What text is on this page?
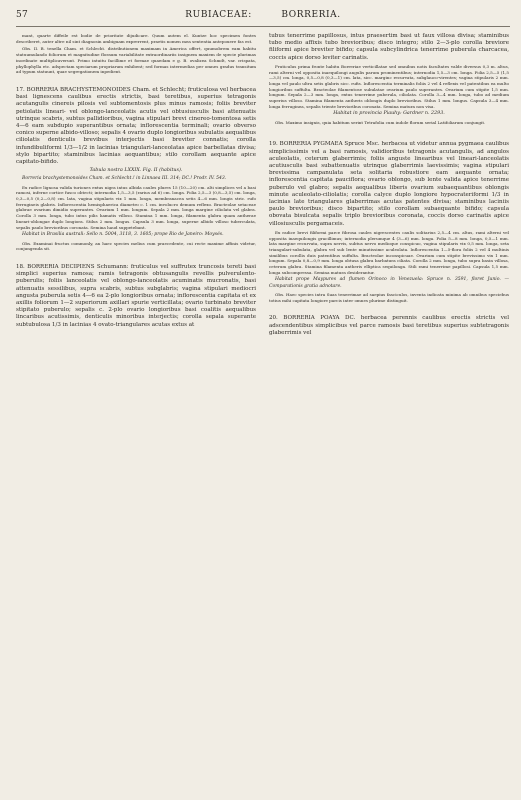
57	RUBIACEAE:	BORRERIA.

mant, quarte diffeile est bodie de prioritate dijudicare. Quum autem el. Kuntze hoc specimen fontes describeret, auter altre nil sint diagnosin ambiguam exprerrent, praetis nomen mea sententia antepouere fas est.

Obs. II. B. tenella Cham. et Schlecht. distributionem maximam in America offert, quumobrem eam habitu statuumulando foliorum et magnitudine floraum variabilitate extraordinariis insignem maxiem de specie plurimas inordinate multiplicaverunt. Primo intuitu facillime et formae quaedam e g. B. ovalizea Schmdt, var. crispata, phyllophylla etc. adspectam speciarum propriarum exhibent; sed formas intermedias per omnes gradus transitum ad typum statuunt, quae segregationem inpedient.

17. BORRERIA BRACHYSTEMONOIDES Cham. et Schlecht; fruticulosa vel herbacea basi lignescens caulibus erectis strictis, basi teretibus, superius tetragonis acutangulis cinereis pilosis vel subtomentosis plus minus ramosis; foliis breviter petiolatis lineari- vel oblongo-lanceolatis acutis vel obtusiusculis basi attenuatis utrinque scabris, subtus pallidioribus, vagina stipulari brevi cinereo-tomentosa setis 4—6 eam subdupio superantibus ornata; inflorescentia terminali; ovario obverso conico superne albido-villoso; sepalis 4 ovario duplo longioribus subulatis aequalibus ciliolatis denticulis brevibus interjectis basi breviter connatis; corolla infundibuliformi 1/3—1/2 in lacinias triangulari-lanceolatas apice barbellatas divisa; stylo bipartito; staminibus lacinias aequantibus; stilo corollam aequante apice capitato-bifido.

Tabula nostra LXXIX. Fig. II (habitus).

Borreria brachystemonoides Cham. et Schlecht.! in Linnaea III. 314; DC.! Prodr. IV. 543.

Ex radice lignosa valida turiones extus nigra intus albida caules plures 15 (10—20) cm. alti simplices vel a basi ramosi, inferne cortice fusco obtecti; internodia 1,5—3,5 (rarius ad 6) cm. longa. Folia 2,5—3 (0,8—3,5) cm. longa, 0,3—0,5 (0,2—0,8) cm. lata, vagina stipularis vix 1 mm. longa, membranacea setis 4—6 mm. longis stric. rufo ferrugineis glabris. Inflorescentia hemisphaerica diametro c. 1 cm. involucro demum reflexo. Bracteolae setaceae glabrae ovarium dimidio superantes. Ovarium 1 mm. longum. Sepala 2 mm. longa margine ciliolata vel glabra. Corolla 3 mm. longa, tubo intus pilis hamatis villoso. Stamina 1 mm. longa, filamenta glabra quam antherae lineari-oblongae duplo longiora. Stilus 2 mm. longus. Capsula 3 mm. longa, superne albido villoso tuberculata, sepalis paulo brevioribus coronata. Semina haud suppetebant.

Habitat in Brasilia australi: Sello n. 5004, 3118, 3. 1605; prope Rio de Janeiro: Moysés.

Obs. Examinai fructus commonly, an haec species melius cum praecedente, cui recte maxime affinis videtur, conjungenda sit.

18. BORRERIA DECIPIENS Schumann: fruticulus vel suffrutex truncosis tereti basi simplici superius ramosa; ramis tetragonis obtusangulis revellis pulverulento-puberulis; foliis lanceolatis vel oblongo-lanceolatis acuminatis mucronatis, basi attenuatis sessilibus, supra scabris, subtus subglabris; vagina stipulari mediocri angusta puberula setis 4—6 ea 2-plo longioribus ornata; inflorescentia capitata et ex axillis foliorum 1—2 superiorum axillari spurie verticillata; ovario turbinato breviter stipitato puberulo; sepalis c. 2-plo ovario longioribus basi coalitis aequalibus lincaribus acutissimis, denticulis minoribus interjectis; corolla sepala superante subtubulosa 1/3 in lacinias 4 ovato-triangulares acutas extus at

tubus tenerrime papillosus, intus praesertim basi ut faux villosa divisa; staminibus tubo medio affixis tubo brevioribus; disco integro; stilo 2—3-plo corolla breviore filiformi apice breviter bifido; capsula subcylindrica tenerrime puberula charcacea, coccis apice dorso leviter carinatis.

Fruticulus prima fronte habitu Borreriae verticillatae sed omnibus notis facultates valde diversus 0,3 m. altus, rami alterni vel opposita inaequilongi angulis parum prominentibus; internodia 1,5—3 cm. longa. Folia 2,5—5 (1,5—3,5) cm. longa, 0,5—0,8 (0,3—1) cm. lata, sicc. marginc recurvata, subglauco-virentes; vagina stipularis 2 mm. longa vel paulo ultra setis glabris sicc. rufis. Inflorescentia terminalis foliis 2 vel 4 reflexis vel patentibus ea multo longioribus suffulta. Bracteolae filamentose subulatae ovarium paulo superantes. Ovarium cum stipite 1,5 mm. longum. Sepala 2—3 mm. longa, extus tenerrime puberula, ciliolata. Corolla 3—4 mm. longa, tubo ad medium superius villoso. Stamina filamenta antheris oblongis duplo brevioribus. Stilus 1 mm. longus. Capsula 3—4 mm. longa ferruginea, sepalis triente brevioribus coronata. Semina matura non visa.

Habitat in provincia Piauhy: Gardner n. 2293.

Obs. Maximo insignis, quia habitum serint Tetrafolia cum indole florum serial Latifoliarum conjungit.

19. BORRERIA PYGMAEA Spruce Msc. herbacea ut videtur annua pygmaea caulibus simplicissimis vel a basi ramosis, validioribus tetragonis acutangulis, ad angulos aculeolatis, ceterum glaberrimis; foliis anguste linearibus vel lineari-lanceolatis acutiusculis basi subattenuatis utrinque glaberrimis laevissimis; vagina stipulari brevissima campanulata seta solitaria robustiore eam aequante ornata; inflorescentia capitata pauciflora; ovario oblongo, sub lente valida apice tenerrime puberulo vel glabro; sepalis aequalibus liberis ovarium subaequantibus oblongis minute aculeolato-ciliolatis; corolla calyce duplo longiore hypocrateriformi 1/3 in lacinias late triangulares glaberrimas acutas patentes divisa; staminibus laciniis paulo brevioribus; disco bipartito; stilo corollam subaequante bifido; capsula obovata bisulcata sepalis triplo brevioribus coronata, coccis dorso carinatis apice villosiusculis pergamaceis.

Ex radice brevi filiformi parce fibrosa caules nigrescentes caulis solitarius 2,5—4 cm. altus, rami alterni vel opposita inaequilongis gracillimus; internodia plerumque 4 (3—6) mm. longa. Folia 5—8 mm. longa, 0,5—1 mm. lata margine recurvata, supra nervis, subtus nervo medioque conspicuo, vagina stipularis vix 0,5 mm. longa, seta triangulari-subulata, glabra vel sub lente minutissime aculeolata. Inflorescentia 1—5-flora foliis 2 vel 4 multinis similibus corollis duis patentibus suffulta. Bracteolae inconspicuae. Ovarium cum stipite brevissimo vix 1 mm. longum. Sepala 0,8—0,9 mm. longa obtusa glabra barbatura ciliata. Corolla 2 mm. longa, tubo supra basin villosa, ceterum glabra. Stamina filamenta antheris elliptica sequilonga. Stili rami tenerrime papillosi. Capsula 1,5 mm. longa subcompressa. Semina matura desiderantur.

Habitat prope Maypures ad flumen Orinoco in Venezuela: Spruce n. 3591, floret Junio. — Comparationis gratia adnotare.

Obs. Haec species intra Suas tenerrimae ad saepius fasciculos, inventa indicata minima ab omnibus speciebus totius mihi capitata longiore parcis inter omnes plurime distinguit.

20. BORRERIA POAYA DC. herbacea perennis caulibus erectis strictis vel adscendentibus simplicibus vel parce ramosis basi teretibus superius subtetragonis glaberrimis vel
